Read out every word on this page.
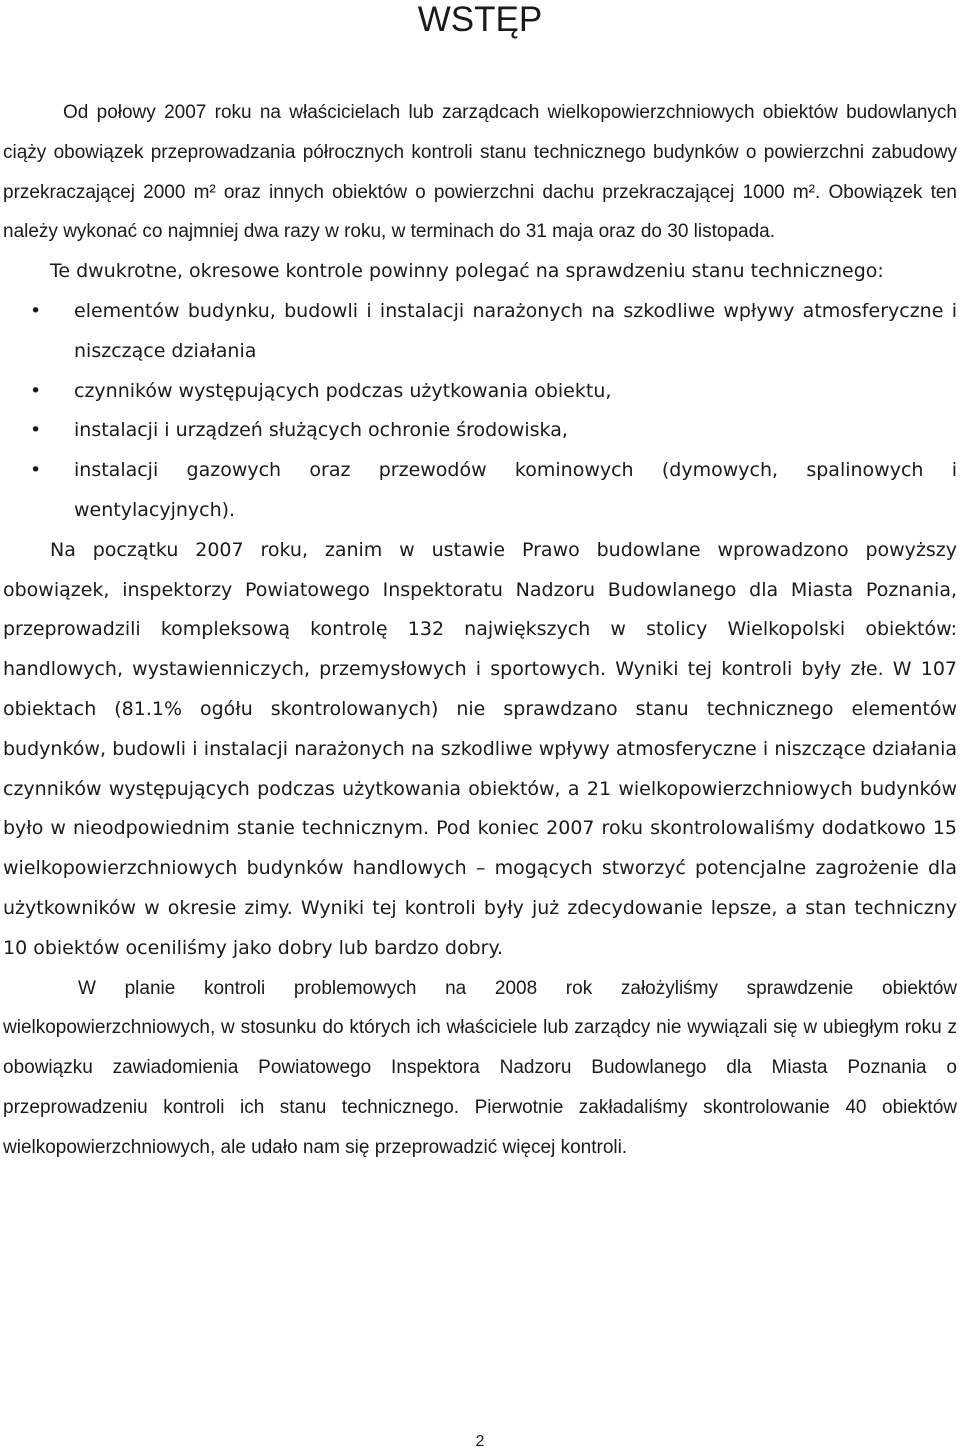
WSTĘP

Od połowy 2007 roku na właścicielach lub zarządcach wielkopowierzchniowych obiektów budowlanych ciąży obowiązek przeprowadzania półrocznych kontroli stanu technicznego budynków o powierzchni zabudowy przekraczającej 2000 m² oraz innych obiektów o powierzchni dachu przekraczającej 1000 m². Obowiązek ten należy wykonać co najmniej dwa razy w roku, w terminach do 31 maja oraz do 30 listopada.

Te dwukrotne, okresowe kontrole powinny polegać na sprawdzeniu stanu technicznego:

• elementów budynku, budowli i instalacji narażonych na szkodliwe wpływy atmosferyczne i niszczące działania
• czynników występujących podczas użytkowania obiektu,
• instalacji i urządzeń służących ochronie środowiska,
• instalacji gazowych oraz przewodów kominowych (dymowych, spalinowych i wentylacyjnych).

Na początku 2007 roku, zanim w ustawie Prawo budowlane wprowadzono powyższy obowiązek, inspektorzy Powiatowego Inspektoratu Nadzoru Budowlanego dla Miasta Poznania, przeprowadzili kompleksową kontrolę 132 największych w stolicy Wielkopolski obiektów: handlowych, wystawienniczych, przemysłowych i sportowych. Wyniki tej kontroli były złe. W 107 obiektach (81.1% ogółu skontrolowanych) nie sprawdzano stanu technicznego elementów budynków, budowli i instalacji narażonych na szkodliwe wpływy atmosferyczne i niszczące działania czynników występujących podczas użytkowania obiektów, a 21 wielkopowierzchniowych budynków było w nieodpowiednim stanie technicznym. Pod koniec 2007 roku skontrolowaliśmy dodatkowo 15 wielkopowierzchniowych budynków handlowych – mogących stworzyć potencjalne zagrożenie dla użytkowników w okresie zimy. Wyniki tej kontroli były już zdecydowanie lepsze, a stan techniczny 10 obiektów oceniliśmy jako dobry lub bardzo dobry.

W planie kontroli problemowych na 2008 rok założyliśmy sprawdzenie obiektów wielkopowierzchniowych, w stosunku do których ich właściciele lub zarządcy nie wywiązali się w ubiegłym roku z obowiązku zawiadomienia Powiatowego Inspektora Nadzoru Budowlanego dla Miasta Poznania o przeprowadzeniu kontroli ich stanu technicznego. Pierwotnie zakładaliśmy skontrolowanie 40 obiektów wielkopowierzchniowych, ale udało nam się przeprowadzić więcej kontroli.

2
